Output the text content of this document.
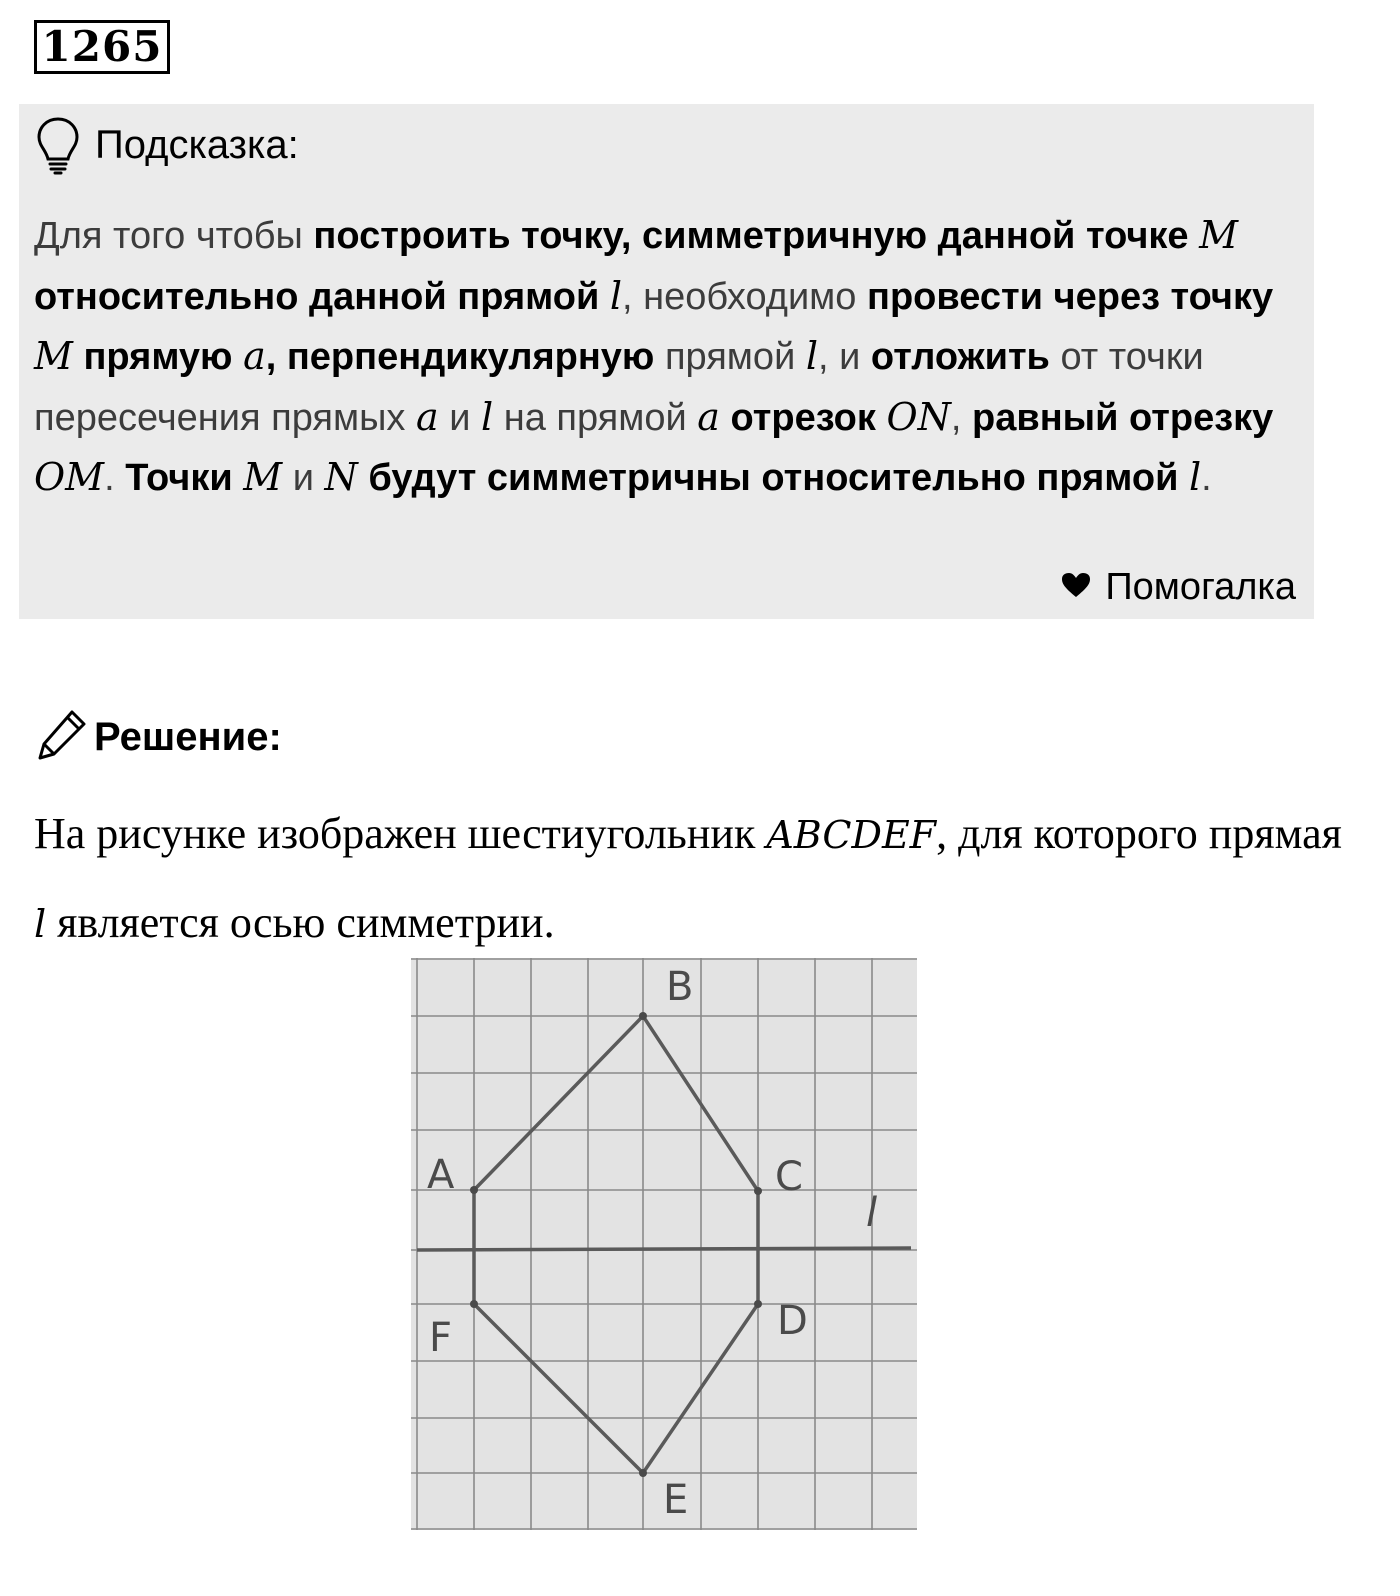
1265
Подсказка:

Для того чтобы построить точку, симметричную данной точке M относительно данной прямой l, необходимо провести через точку M прямую a, перпендикулярную прямой l, и отложить от точки пересечения прямых a и l на прямой a отрезок ON, равный отрезку OM. Точки M и N будут симметричны относительно прямой l.

Помогалка
Решение:

На рисунке изображен шестиугольник ABCDEF, для которого прямая l является осью симметрии.

B
A	C
l
D
F
E
